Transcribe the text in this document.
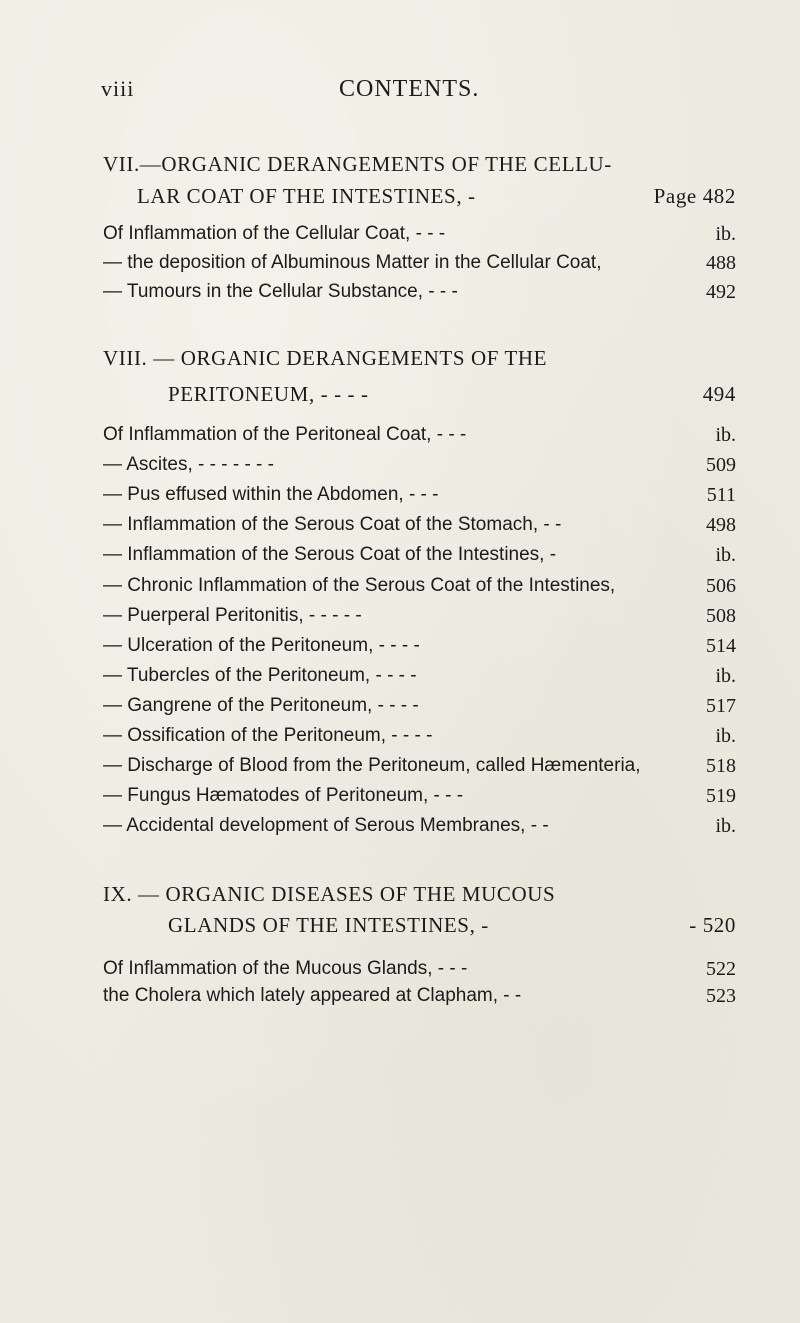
viii	CONTENTS.
VII.—ORGANIC DERANGEMENTS OF THE CELLU-
LAR COAT OF THE INTESTINES, -	Page 482
Of Inflammation of the Cellular Coat, - - -	ib.
— the deposition of Albuminous Matter in the Cellular Coat,	488
— Tumours in the Cellular Substance, - - -	492
VIII. — ORGANIC DERANGEMENTS OF THE
PERITONEUM, - - - -	494
Of Inflammation of the Peritoneal Coat, - - -	ib.
— Ascites, - - - - - - -	509
— Pus effused within the Abdomen, - - -	511
— Inflammation of the Serous Coat of the Stomach, - -	498
— Inflammation of the Serous Coat of the Intestines, -	ib.
— Chronic Inflammation of the Serous Coat of the Intestines,	506
— Puerperal Peritonitis, - - - - -	508
— Ulceration of the Peritoneum, - - - -	514
— Tubercles of the Peritoneum, - - - -	ib.
— Gangrene of the Peritoneum, - - - -	517
— Ossification of the Peritoneum, - - - -	ib.
— Discharge of Blood from the Peritoneum, called Hæmenteria,	518
— Fungus Hæmatodes of Peritoneum, - - -	519
— Accidental development of Serous Membranes, - -	ib.
IX. — ORGANIC DISEASES OF THE MUCOUS
GLANDS OF THE INTESTINES, -	- 520
Of Inflammation of the Mucous Glands, - - -	522
the Cholera which lately appeared at Clapham, - -	523
